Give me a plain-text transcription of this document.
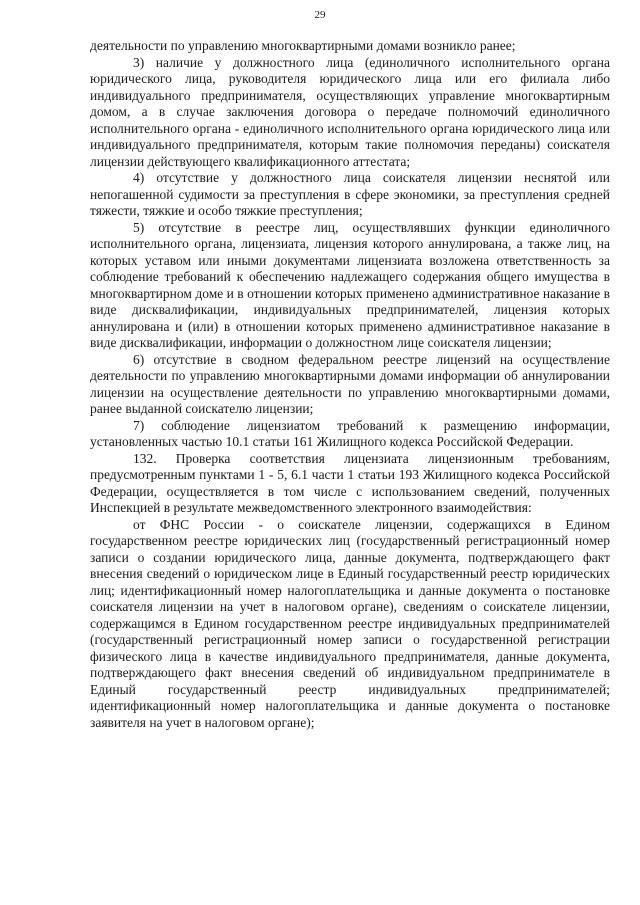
29

деятельности по управлению многоквартирными домами возникло ранее;

3) наличие у должностного лица (единоличного исполнительного органа юридического лица, руководителя юридического лица или его филиала либо индивидуального предпринимателя, осуществляющих управление многоквартирным домом, а в случае заключения договора о передаче полномочий единоличного исполнительного органа - единоличного исполнительного органа юридического лица или индивидуального предпринимателя, которым такие полномочия переданы) соискателя лицензии действующего квалификационного аттестата;

4) отсутствие у должностного лица соискателя лицензии неснятой или непогашенной судимости за преступления в сфере экономики, за преступления средней тяжести, тяжкие и особо тяжкие преступления;

5) отсутствие в реестре лиц, осуществлявших функции единоличного исполнительного органа, лицензиата, лицензия которого аннулирована, а также лиц, на которых уставом или иными документами лицензиата возложена ответственность за соблюдение требований к обеспечению надлежащего содержания общего имущества в многоквартирном доме и в отношении которых применено административное наказание в виде дисквалификации, индивидуальных предпринимателей, лицензия которых аннулирована и (или) в отношении которых применено административное наказание в виде дисквалификации, информации о должностном лице соискателя лицензии;

6) отсутствие в сводном федеральном реестре лицензий на осуществление деятельности по управлению многоквартирными домами информации об аннулировании лицензии на осуществление деятельности по управлению многоквартирными домами, ранее выданной соискателю лицензии;

7) соблюдение лицензиатом требований к размещению информации, установленных частью 10.1 статьи 161 Жилищного кодекса Российской Федерации.

132. Проверка соответствия лицензиата лицензионным требованиям, предусмотренным пунктами 1 - 5, 6.1 части 1 статьи 193 Жилищного кодекса Российской Федерации, осуществляется в том числе с использованием сведений, полученных Инспекцией в результате межведомственного электронного взаимодействия:

от ФНС России - о соискателе лицензии, содержащихся в Едином государственном реестре юридических лиц (государственный регистрационный номер записи о создании юридического лица, данные документа, подтверждающего факт внесения сведений о юридическом лице в Единый государственный реестр юридических лиц; идентификационный номер налогоплательщика и данные документа о постановке соискателя лицензии на учет в налоговом органе), сведениям о соискателе лицензии, содержащимся в Едином государственном реестре индивидуальных предпринимателей (государственный регистрационный номер записи о государственной регистрации физического лица в качестве индивидуального предпринимателя, данные документа, подтверждающего факт внесения сведений об индивидуальном предпринимателе в Единый государственный реестр индивидуальных предпринимателей; идентификационный номер налогоплательщика и данные документа о постановке заявителя на учет в налоговом органе);
